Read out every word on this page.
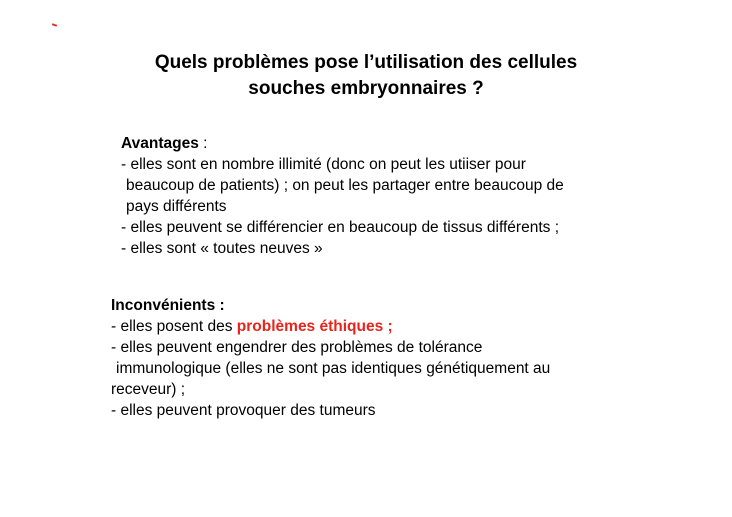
Quels problèmes pose l’utilisation des cellules
souches embryonnaires ?
Avantages :
- elles sont en nombre illimité (donc on peut les utiiser pour
beaucoup de patients) ; on peut les partager entre beaucoup de
pays différents
- elles peuvent se différencier en beaucoup de tissus différents ;
- elles sont « toutes neuves »
Inconvénients :
- elles posent des problèmes éthiques ;
- elles peuvent engendrer des problèmes de tolérance
immunologique (elles ne sont pas identiques génétiquement au
receveur) ;
- elles peuvent provoquer des tumeurs
